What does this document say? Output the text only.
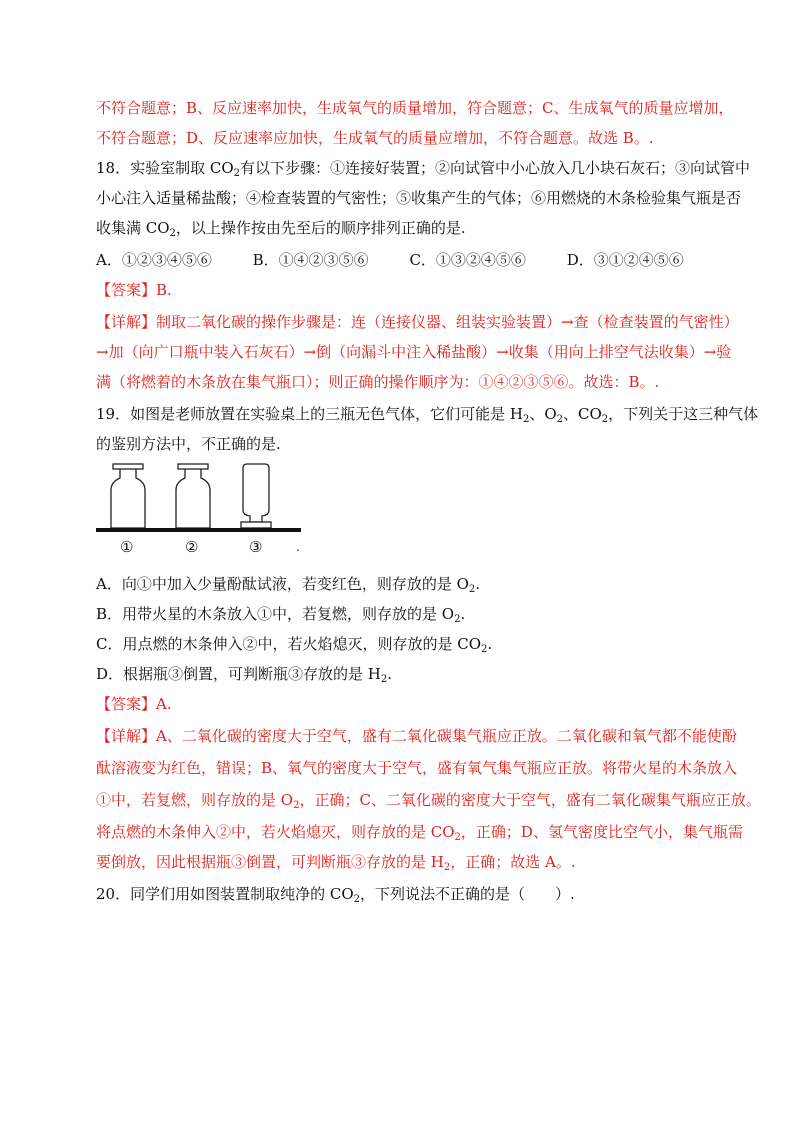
不符合题意；B、反应速率加快，生成氧气的质量增加，符合题意；C、生成氧气的质量应增加，
不符合题意；D、反应速率应加快，生成氧气的质量应增加，不符合题意。故选 B。.
18．实验室制取 $CO_2$有以下步骤：①连接好装置；②向试管中小心放入几小块石灰石；③向试管中
小心注入适量稀盐酸；④检查装置的气密性；⑤收集产生的气体；⑥用燃烧的木条检验集气瓶是否
收集满 $CO_2$，以上操作按由先至后的顺序排列正确的是.
A．①②③④⑤⑥	B．①④②③⑤⑥	C．①③②④⑤⑥	D．③①②④⑤⑥
【答案】B.
【详解】制取二氧化碳的操作步骤是：连（连接仪器、组装实验装置）→查（检查装置的气密性）
→加（向广口瓶中装入石灰石）→倒（向漏斗中注入稀盐酸）→收集（用向上排空气法收集）→验
满（将燃着的木条放在集气瓶口）；则正确的操作顺序为：①④②③⑤⑥。故选：B。.
19．如图是老师放置在实验桌上的三瓶无色气体，它们可能是 $H_2$、$O_2$、$CO_2$，下列关于这三种气体
的鉴别方法中，不正确的是.
①	②	③	.
A．向①中加入少量酚酞试液，若变红色，则存放的是 $O_2$.
B．用带火星的木条放入①中，若复燃，则存放的是 $O_2$.
C．用点燃的木条伸入②中，若火焰熄灭，则存放的是 $CO_2$.
D．根据瓶③倒置，可判断瓶③存放的是 $H_2$.
【答案】A.
【详解】A、二氧化碳的密度大于空气，盛有二氧化碳集气瓶应正放。二氧化碳和氧气都不能使酚
酞溶液变为红色，错误；B、氧气的密度大于空气，盛有氧气集气瓶应正放。将带火星的木条放入
①中，若复燃，则存放的是 $O_2$，正确；C、二氧化碳的密度大于空气，盛有二氧化碳集气瓶应正放。
将点燃的木条伸入②中，若火焰熄灭，则存放的是 $CO_2$，正确；D、氢气密度比空气小，集气瓶需
要倒放，因此根据瓶③倒置，可判断瓶③存放的是 $H_2$，正确；故选 A。.
20．同学们用如图装置制取纯净的 $CO_2$，下列说法不正确的是（　　）.
